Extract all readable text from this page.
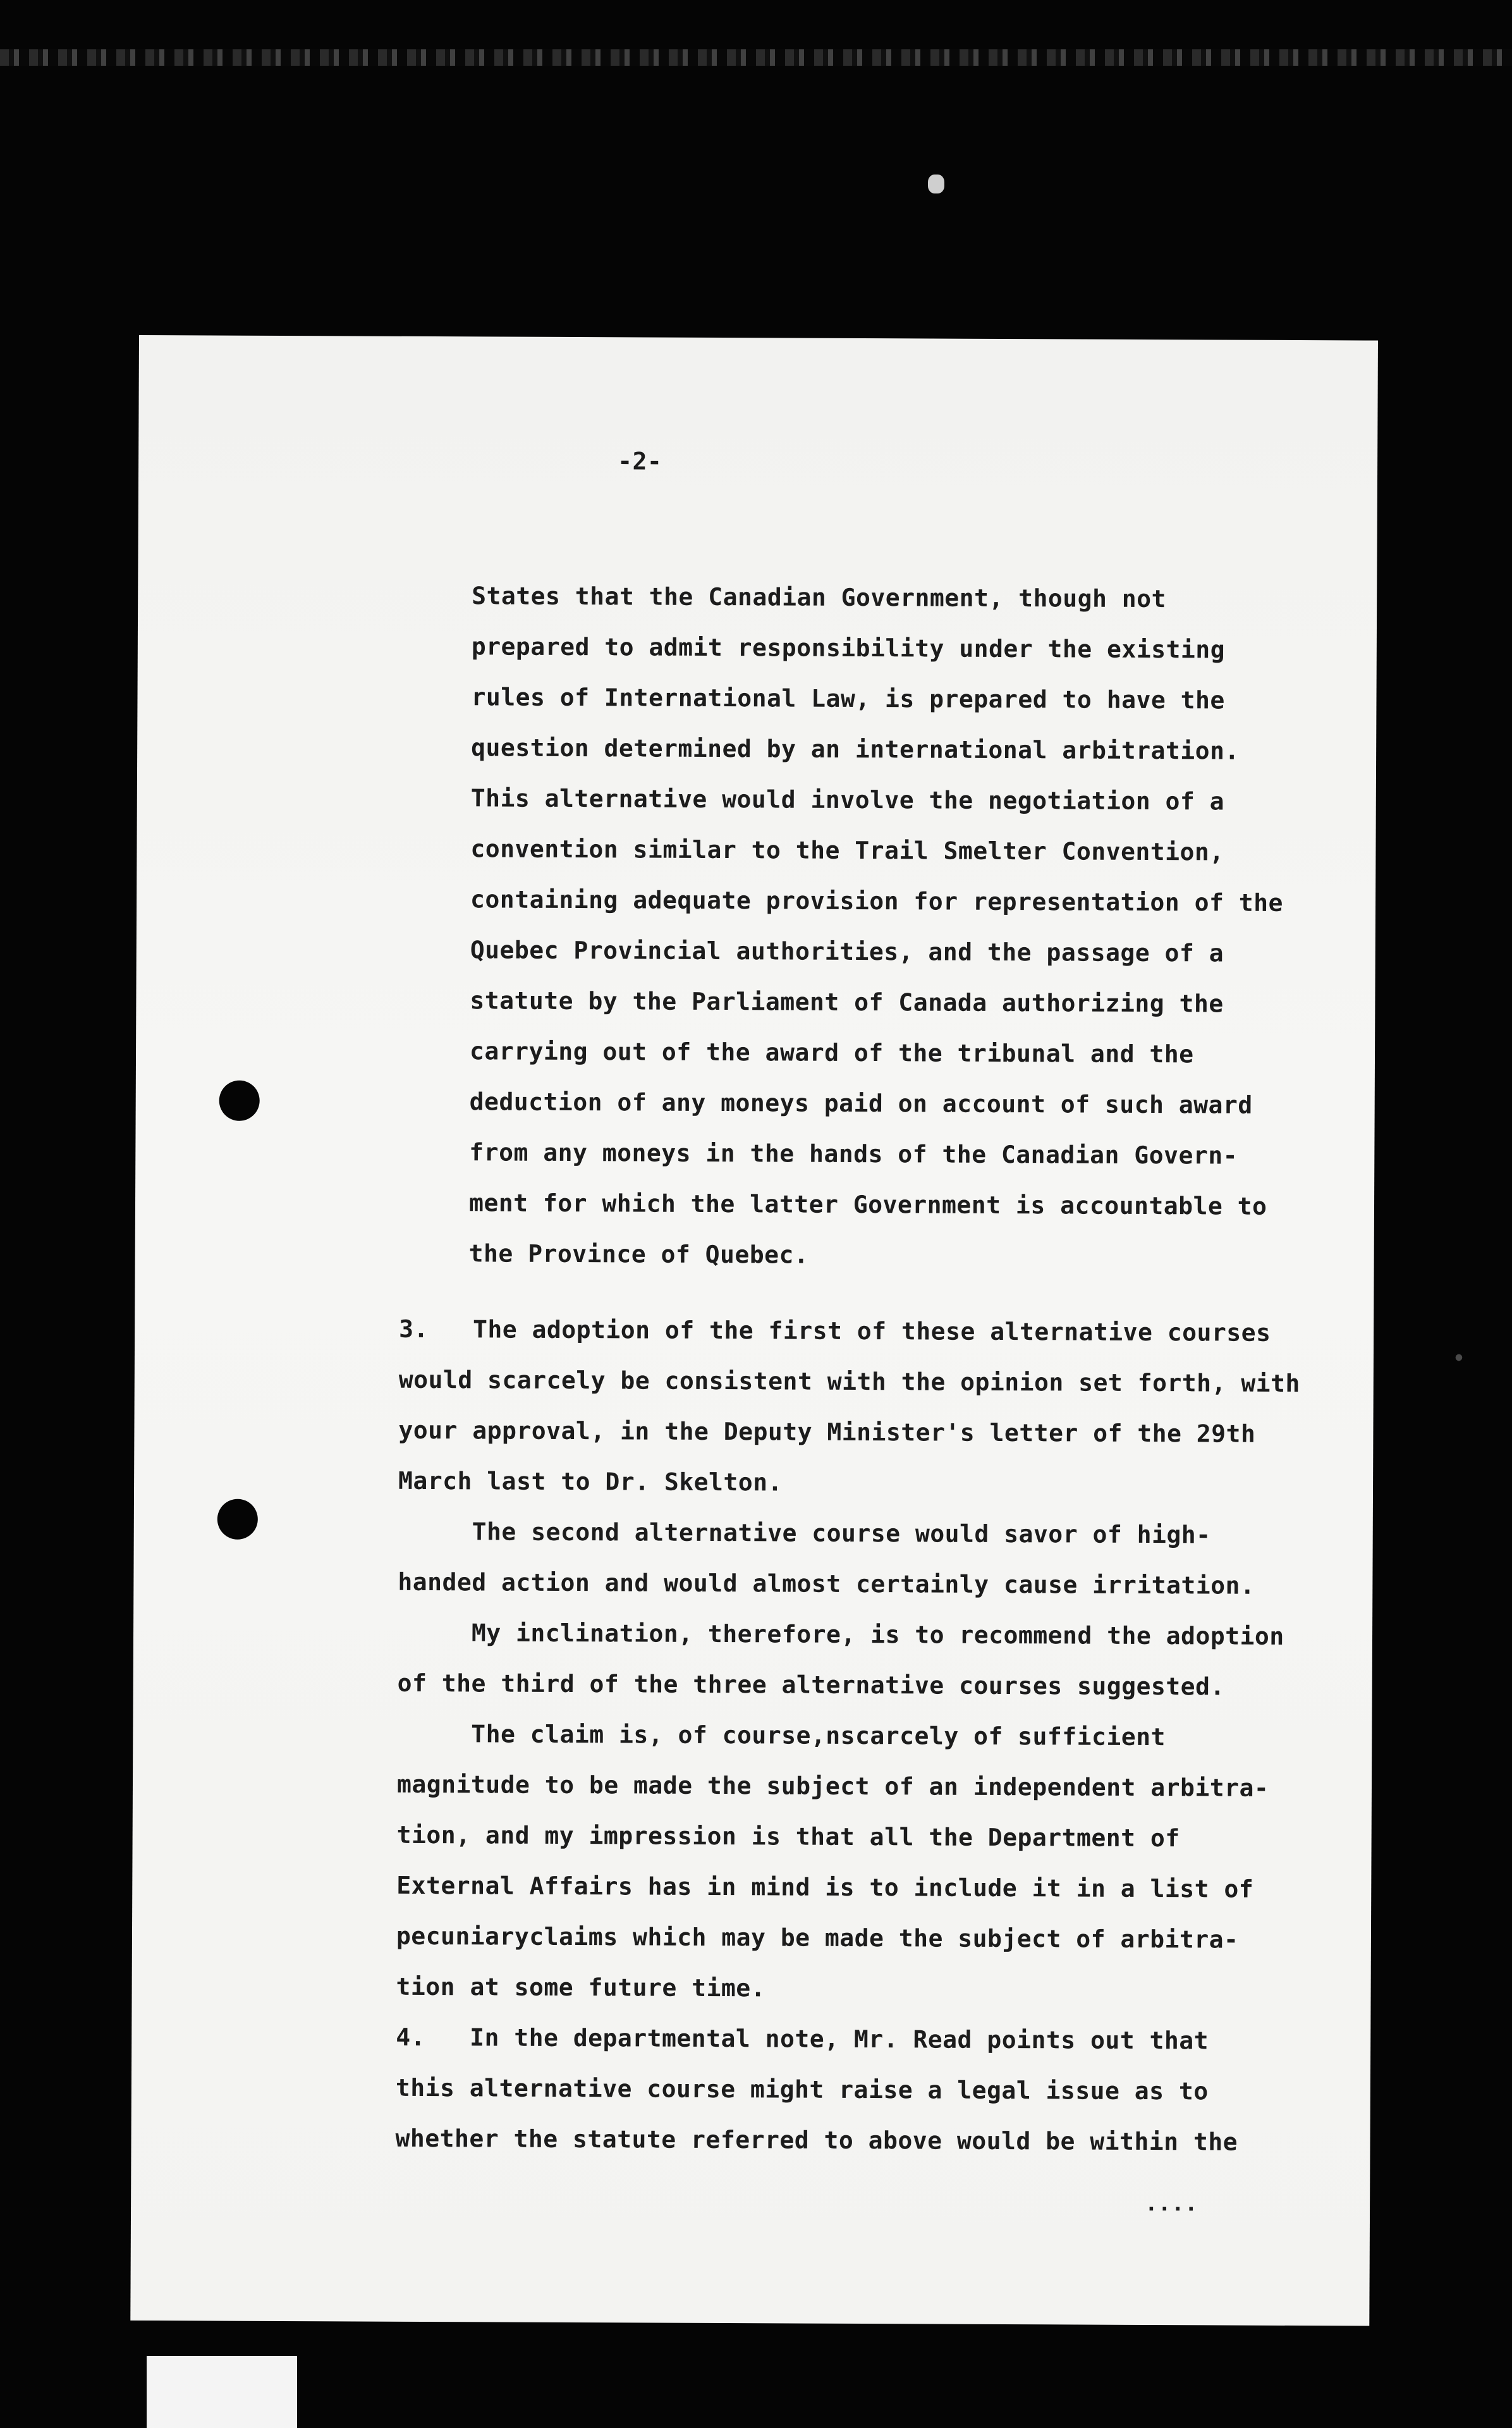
-2-
States that the Canadian Government, though not
prepared to admit responsibility under the existing
rules of International Law, is prepared to have the
question determined by an international arbitration.
This alternative would involve the negotiation of a
convention similar to the Trail Smelter Convention,
containing adequate provision for representation of the
Quebec Provincial authorities, and the passage of a
statute by the Parliament of Canada authorizing the
carrying out of the award of the tribunal and the
deduction of any moneys paid on account of such award
from any moneys in the hands of the Canadian Govern-
ment for which the latter Government is accountable to
the Province of Quebec.
3.   The adoption of the first of these alternative courses
would scarcely be consistent with the opinion set forth, with
your approval, in the Deputy Minister's letter of the 29th
March last to Dr. Skelton.
The second alternative course would savor of high-
handed action and would almost certainly cause irritation.
My inclination, therefore, is to recommend the adoption
of the third of the three alternative courses suggested.
The claim is, of course,nscarcely of sufficient
magnitude to be made the subject of an independent arbitra-
tion, and my impression is that all the Department of
External Affairs has in mind is to include it in a list of
pecuniaryclaims which may be made the subject of arbitra-
tion at some future time.
4.   In the departmental note, Mr. Read points out that
this alternative course might raise a legal issue as to
whether the statute referred to above would be within the
•
....
